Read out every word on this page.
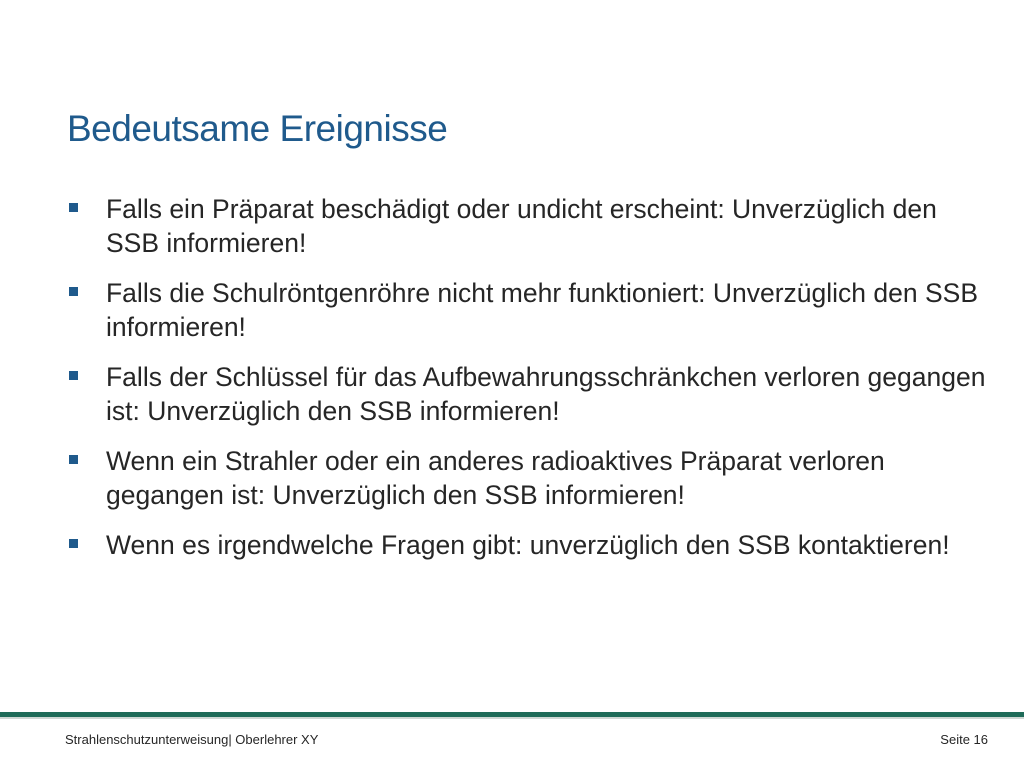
Bedeutsame Ereignisse
Falls ein Präparat beschädigt oder undicht erscheint: Unverzüglich den SSB informieren!
Falls die Schulröntgenröhre nicht mehr funktioniert: Unverzüglich den SSB informieren!
Falls der Schlüssel für das Aufbewahrungsschränkchen verloren gegangen ist: Unverzüglich den SSB informieren!
Wenn ein Strahler oder ein anderes radioaktives Präparat verloren gegangen ist: Unverzüglich den SSB informieren!
Wenn es irgendwelche Fragen gibt: unverzüglich den SSB kontaktieren!
Strahlenschutzunterweisung| Oberlehrer XY	Seite 16
